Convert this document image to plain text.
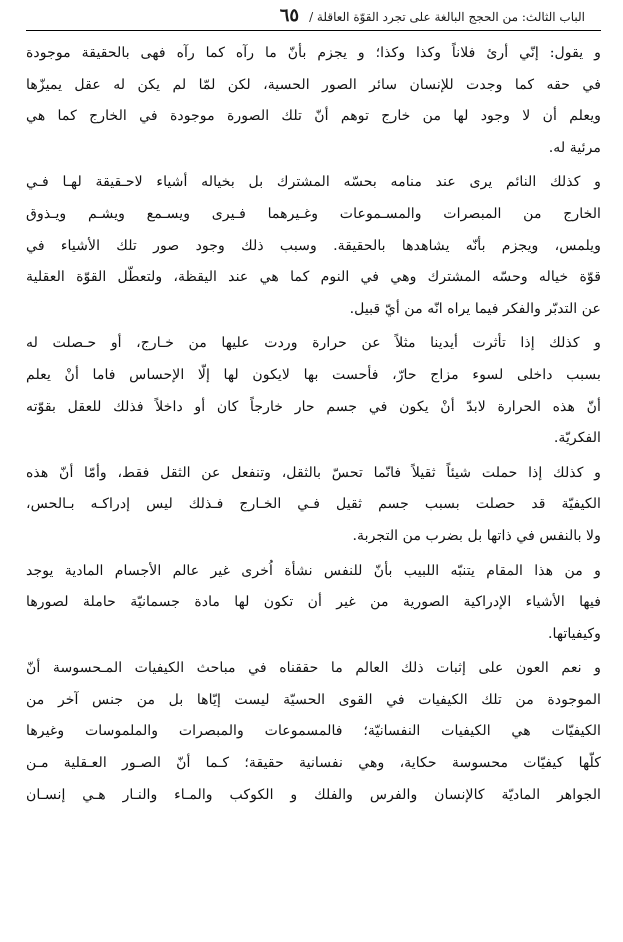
الباب الثالث: من الحجج البالغة على تجرد القوّة العاقلة /
٦٥
و يقول: إنّي أرئ فلاناً وكذا وكذا؛ و يجزم بأنّ ما رآه كما رآه فهى بالحقيقة موجودة
في حقه كما وجدت للإنسان سائر الصور الحسية، لكن لمّا لم يكن له عقل يميزّها
ويعلم أن لا وجود لها من خارج توهم أنّ تلك الصورة موجودة في الخارج كما هي
مرئية له.
و كذلك النائم يرى عند منامه بحسّه المشترك بل بخياله أشياء لاحـقيقة لهـا فـي
الخارج من المبصرات والمسـموعات وغـيرهما فـيرى ويسـمع ويشـم ويـذوق
ويلمس، ويجزم بأنّه يشاهدها بالحقيقة. وسبب ذلك وجود صور تلك الأشياء في
قوّة خياله وحسّه المشترك وهي في النوم كما هي عند اليقظة، ولتعطّل القوّة العقلية
عن التدبّر والفكر فيما يراه انّه من أيّ قبيل.
و كذلك إذا تأثرت أيدينا مثلاً عن حرارة وردت عليها من خـارج، أو حـصلت له
بسبب داخلى لسوء مزاج حارّ، فأحست بها لايكون لها إلّا الإحساس فاما أنْ يعلم
أنّ هذه الحرارة لابدّ أنْ يكون في جسم حار خارجاً كان أو داخلاً فذلك للعقل بقوّته
الفكريّة.
و كذلك إذا حملت شيئاً ثقيلاً فانّما تحسّ بالثقل، وتنفعل عن الثقل فقط، وأمّا أنّ هذه
الكيفيّة قد حصلت بسبب جسم ثقيل فـي الخـارج فـذلك ليس إدراكـه بـالحس،
ولا بالنفس في ذاتها بل بضرب من التجربة.
و من هذا المقام يتنبّه اللبيب بأنّ للنفس نشأة اُخرى غير عالم الأجسام المادية يوجد
فيها الأشياء الإدراكية الصورية من غير أن تكون لها مادة جسمانيّة حاملة لصورها
وكيفياتها.
و نعم العون على إثبات ذلك العالم ما حققناه في مباحث الكيفيات المـحسوسة أنّ
الموجودة من تلك الكيفيات في القوى الحسيّة ليست إيّاها بل من جنس آخر من
الكيفيّات هي الكيفيات النفسانيّة؛ فالمسموعات والمبصرات والملموسات وغيرها
كلّها كيفيّات محسوسة حكاية، وهي نفسانية حقيقة؛ كـما أنّ الصـور العـقلية مـن
الجواهر الماديّة كالإنسان والفرس والفلك و الكوكب والمـاء والنـار هـي إنسـان
